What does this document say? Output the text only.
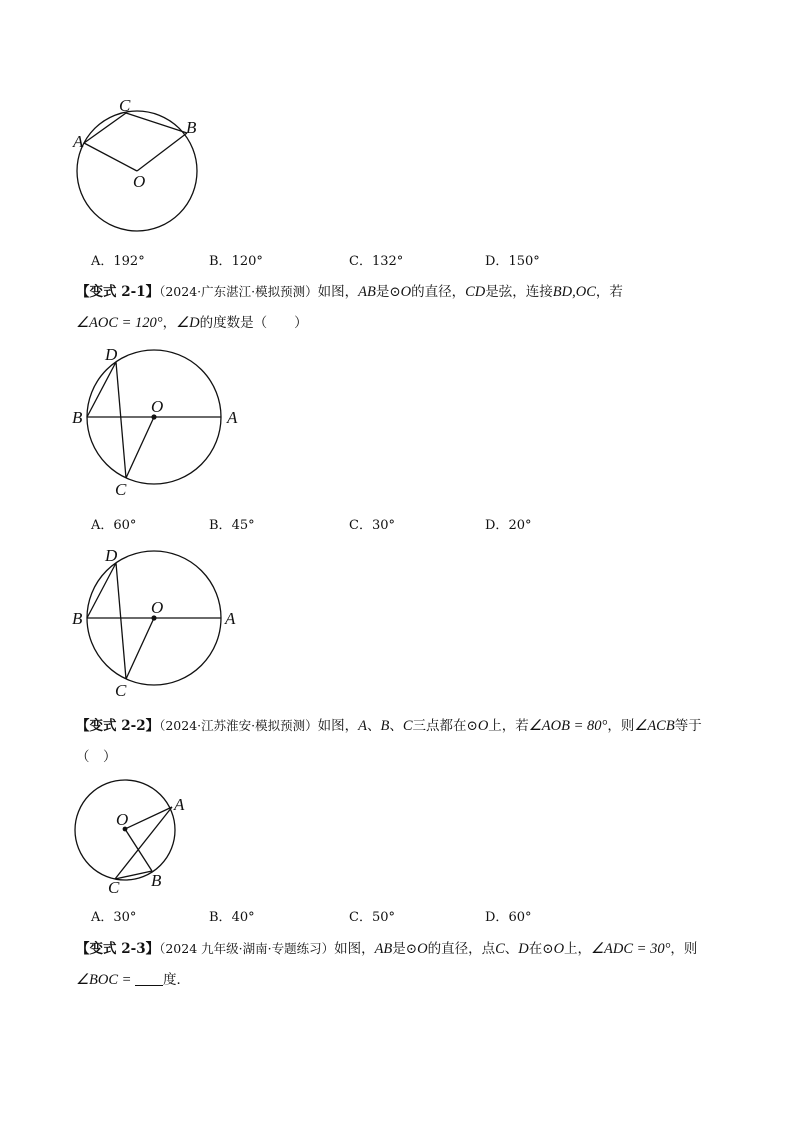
C
A
B
O
A．192°	B．120°	C．132°	D．150°
【变式 2-1】（2024·广东湛江·模拟预测）如图，AB是⊙O的直径，CD是弦，连接BD,OC，若
∠AOC = 120°，∠D的度数是（　　）
D
B
O
A
C
A．60°	B．45°	C．30°	D．20°
D
B
O
A
C
【变式 2-2】（2024·江苏淮安·模拟预测）如图，A、B、C三点都在⊙O上，若∠AOB = 80°，则∠ACB等于
（　）
O
A
B
C
A．30°	B．40°	C．50°	D．60°
【变式 2-3】（2024 九年级·湖南·专题练习）如图，AB是⊙O的直径，点C、D在⊙O上，∠ADC = 30°，则
∠BOC = 度．
